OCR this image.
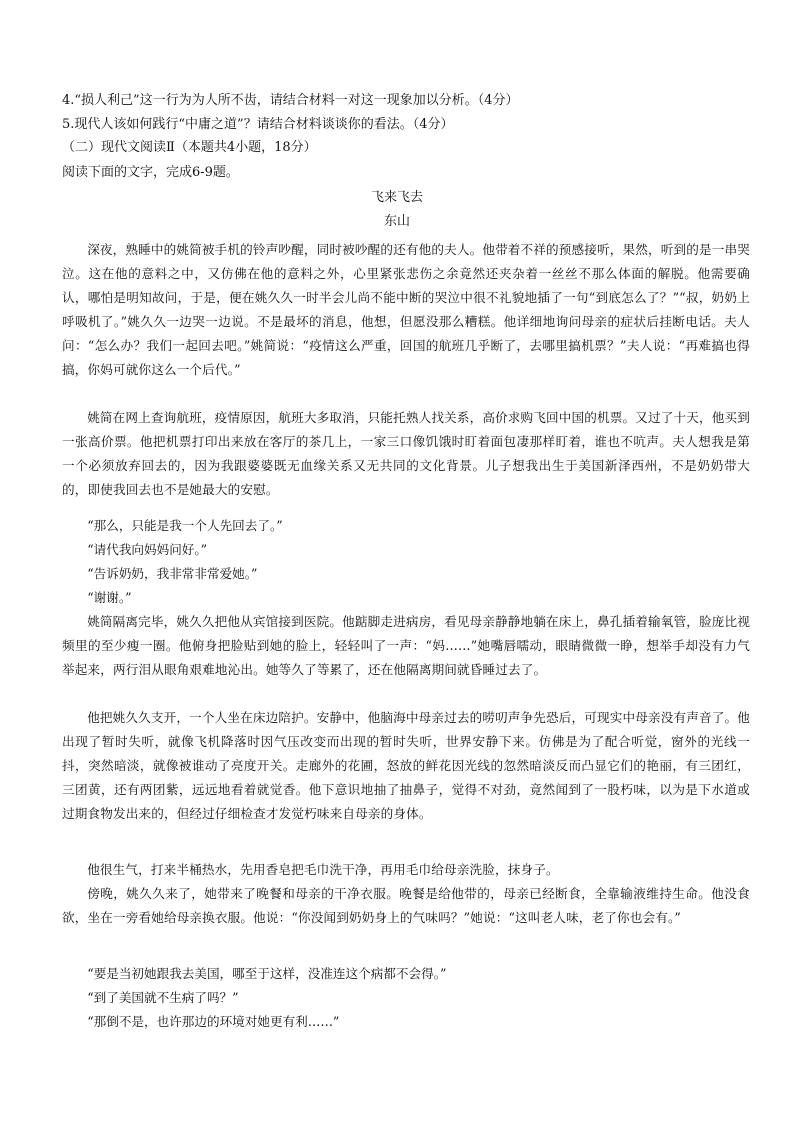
4.“损人利己”这一行为为人所不齿，请结合材料一对这一现象加以分析。（4分）
5.现代人该如何践行“中庸之道”？请结合材料谈谈你的看法。（4分）
（二）现代文阅读Ⅱ（本题共4小题，18分）
阅读下面的文字，完成6-9题。
飞来飞去
东山
深夜，熟睡中的姚简被手机的铃声吵醒，同时被吵醒的还有他的夫人。他带着不祥的预感接听，果然，听到的是一串哭泣。这在他的意料之中，又仿佛在他的意料之外，心里紧张悲伤之余竟然还夹杂着一丝丝不那么体面的解脱。他需要确认，哪怕是明知故问，于是，便在姚久久一时半会儿尚不能中断的哭泣中很不礼貌地插了一句“到底怎么了？”“叔，奶奶上呼吸机了。”姚久久一边哭一边说。不是最坏的消息，他想，但愿没那么糟糕。他详细地询问母亲的症状后挂断电话。夫人问：“怎么办？我们一起回去吧。”姚简说：“疫情这么严重，回国的航班几乎断了，去哪里搞机票？”夫人说：“再难搞也得搞，你妈可就你这么一个后代。”
姚简在网上查询航班，疫情原因，航班大多取消，只能托熟人找关系，高价求购飞回中国的机票。又过了十天，他买到一张高价票。他把机票打印出来放在客厅的茶几上，一家三口像饥饿时盯着面包凄那样盯着，谁也不吭声。夫人想我是第一个必须放弃回去的，因为我跟婆婆既无血缘关系又无共同的文化背景。儿子想我出生于美国新泽西州，不是奶奶带大的，即使我回去也不是她最大的安慰。
“那么，只能是我一个人先回去了。”
“请代我向妈妈问好。”
“告诉奶奶，我非常非常爱她。”
“谢谢。”
姚简隔离完毕，姚久久把他从宾馆接到医院。他踮脚走进病房，看见母亲静静地躺在床上，鼻孔插着输氧管，脸庞比视频里的至少瘦一圈。他俯身把脸贴到她的脸上，轻轻叫了一声：“妈……”她嘴唇嚅动，眼睛微微一睁，想举手却没有力气举起来，两行泪从眼角艰难地沁出。她等久了等累了，还在他隔离期间就昏睡过去了。
他把姚久久支开，一个人坐在床边陪护。安静中，他脑海中母亲过去的唠叨声争先恐后，可现实中母亲没有声音了。他出现了暂时失听，就像飞机降落时因气压改变而出现的暂时失听，世界安静下来。仿佛是为了配合听觉，窗外的光线一抖，突然暗淡，就像被谁动了亮度开关。走廊外的花圃，怒放的鲜花因光线的忽然暗淡反而凸显它们的艳丽，有三团红，三团黄，还有两团紫，远远地看着就觉香。他下意识地抽了抽鼻子，觉得不对劲，竟然闻到了一股朽味，以为是下水道或过期食物发出来的，但经过仔细检查才发觉朽味来自母亲的身体。
他很生气，打来半桶热水，先用香皂把毛巾洗干净，再用毛巾给母亲洗脸，抹身子。
傍晚，姚久久来了，她带来了晚餐和母亲的干净衣服。晚餐是给他带的，母亲已经断食，全靠输液维持生命。他没食欲，坐在一旁看她给母亲换衣服。他说：“你没闻到奶奶身上的气味吗？”她说：“这叫老人味，老了你也会有。”
“要是当初她跟我去美国，哪至于这样，没准连这个病都不会得。”
“到了美国就不生病了吗？”
“那倒不是，也许那边的环境对她更有利……”
